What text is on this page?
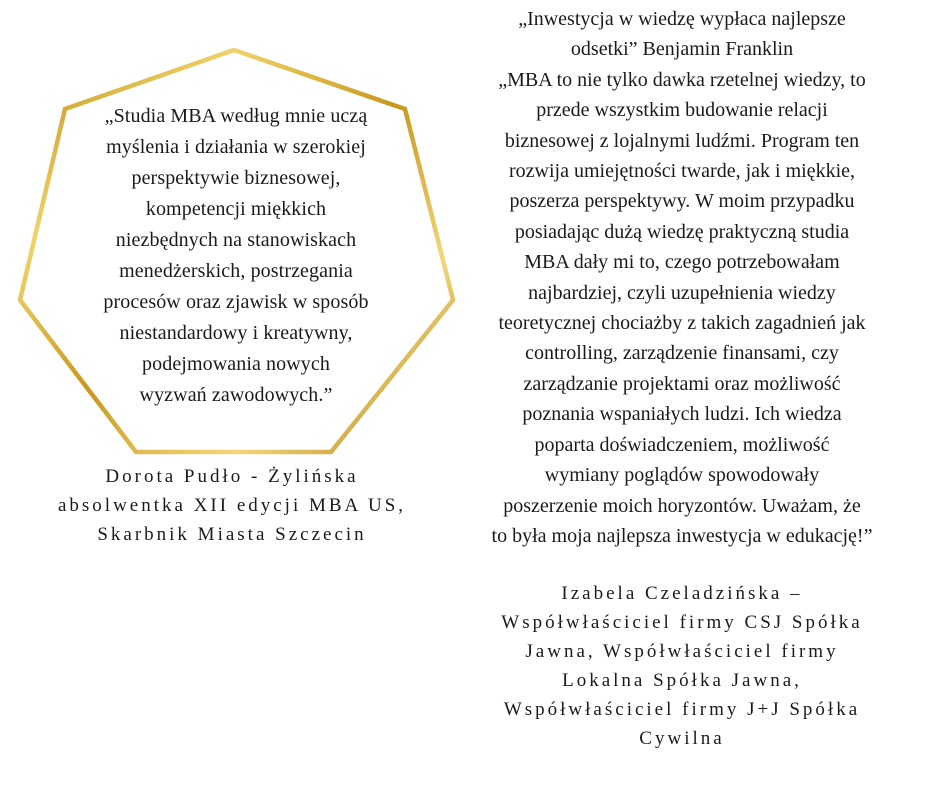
„Studia MBA według mnie uczą
myślenia i działania w szerokiej
perspektywie biznesowej,
kompetencji miękkich
niezbędnych na stanowiskach
menedżerskich, postrzegania
procesów oraz zjawisk w sposób
niestandardowy i kreatywny,
podejmowania nowych
wyzwań zawodowych.”

Dorota Pudło - Żylińska
absolwentka XII edycji MBA US,
Skarbnik Miasta Szczecin

„Inwestycja w wiedzę wypłaca najlepsze
odsetki” Benjamin Franklin
„MBA to nie tylko dawka rzetelnej wiedzy, to
przede wszystkim budowanie relacji
biznesowej z lojalnymi ludźmi. Program ten
rozwija umiejętności twarde, jak i miękkie,
poszerza perspektywy. W moim przypadku
posiadając dużą wiedzę praktyczną studia
MBA dały mi to, czego potrzebowałam
najbardziej, czyli uzupełnienia wiedzy
teoretycznej chociażby z takich zagadnień jak
controlling, zarządzenie finansami, czy
zarządzanie projektami oraz możliwość
poznania wspaniałych ludzi. Ich wiedza
poparta doświadczeniem, możliwość
wymiany poglądów spowodowały
poszerzenie moich horyzontów. Uważam, że
to była moja najlepsza inwestycja w edukację!”

Izabela Czeladzińska –
Współwłaściciel firmy CSJ Spółka
Jawna, Współwłaściciel firmy
Lokalna Spółka Jawna,
Współwłaściciel firmy J+J Spółka
Cywilna
